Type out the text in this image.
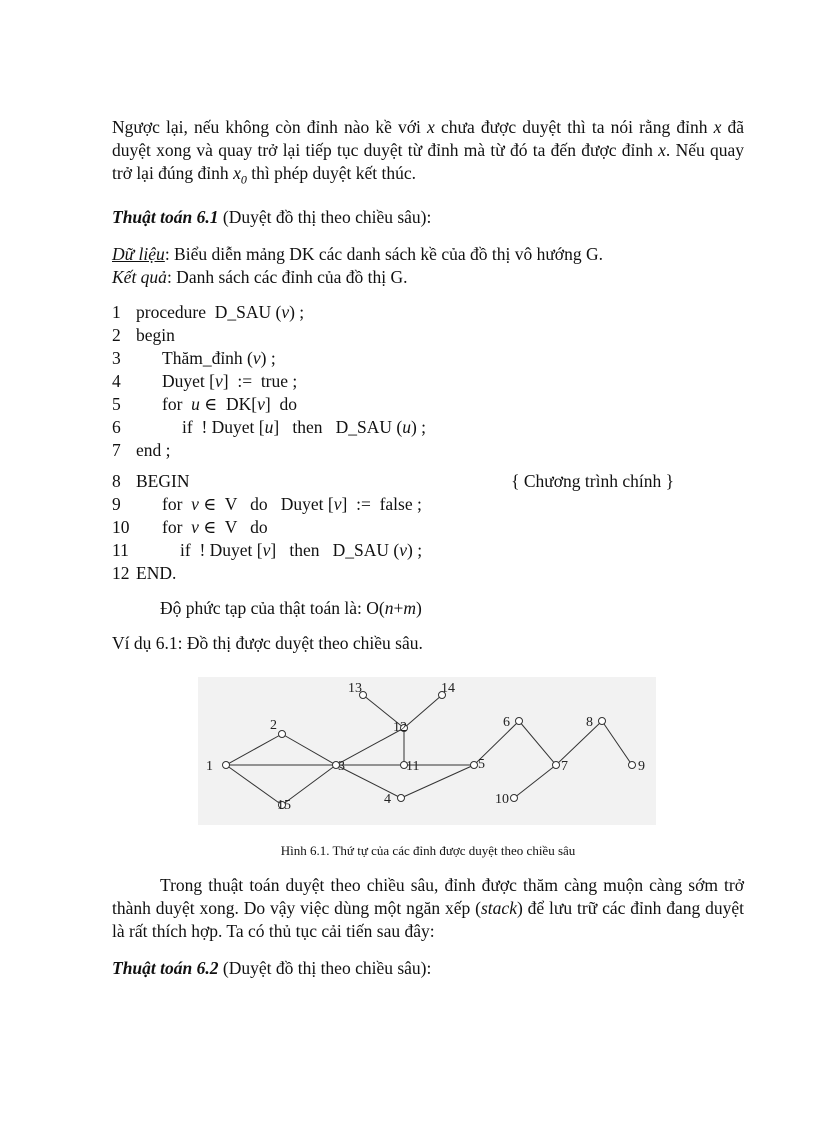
Ngược lại, nếu không còn đỉnh nào kề với x chưa được duyệt thì ta nói rằng đỉnh x đã duyệt xong và quay trở lại tiếp tục duyệt từ đỉnh mà từ đó ta đến được đỉnh x. Nếu quay trở lại đúng đỉnh $x_0$ thì phép duyệt kết thúc.

Thuật toán 6.1 (Duyệt đồ thị theo chiều sâu):

Dữ liệu: Biểu diễn mảng DK các danh sách kề của đồ thị vô hướng G.
Kết quả: Danh sách các đỉnh của đồ thị G.
1 procedure  D_SAU (v) ;
2 begin
3	Thăm_đỉnh (v) ;
4	Duyet [v]  :=  true ;
5	for  u ∈  DK[v]  do
6	if  ! Duyet [u]   then   D_SAU (u) ;
7 end ;
8 BEGIN	{ Chương trình chính }
9	for  v ∈  V   do   Duyet [v]  :=  false ;
10	for  v ∈  V   do
11	if  ! Duyet [v]   then   D_SAU (v) ;
12 END.

Độ phức tạp của thật toán là: O(n+m)

Ví dụ 6.1: Đồ thị được duyệt theo chiều sâu.

1
2
3
4
5
6
7
8
9
10
11
12
13	14
15
Hình 6.1. Thứ tự của các đỉnh được duyệt theo chiều sâu

Trong thuật toán duyệt theo chiều sâu, đỉnh được thăm càng muộn càng sớm trở thành duyệt xong. Do vậy việc dùng một ngăn xếp (stack) để lưu trữ các đỉnh đang duyệt là rất thích hợp. Ta có thủ tục cải tiến sau đây:

Thuật toán 6.2 (Duyệt đồ thị theo chiều sâu):
